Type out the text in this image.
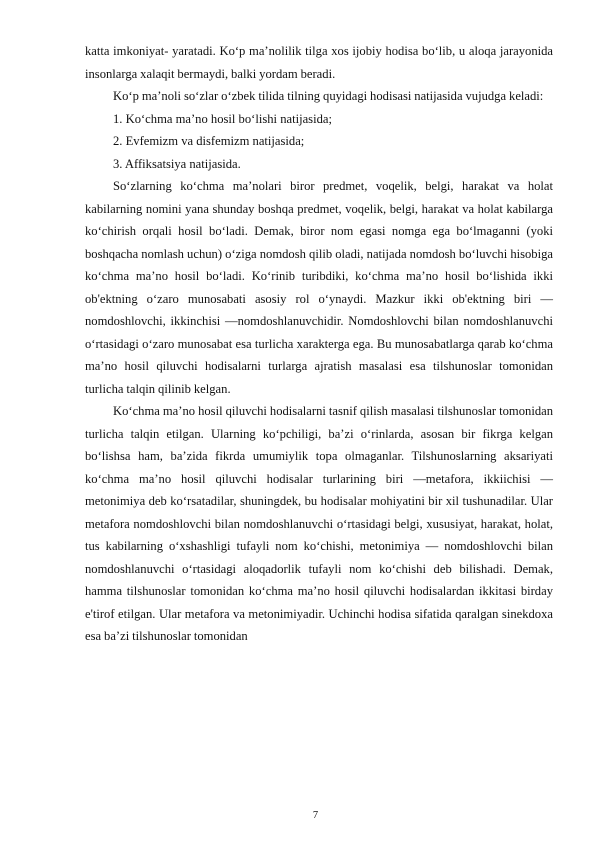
katta imkoniyat- yaratadi. Ko‘p ma’nolilik tilga xos ijobiy hodisa bo‘lib, u aloqa jarayonida insonlarga xalaqit bermaydi, balki yordam beradi.

Ko‘p ma’noli so‘zlar o‘zbek tilida tilning quyidagi hodisasi natijasida vujudga keladi:

1. Ko‘chma ma’no hosil bo‘lishi natijasida;

2. Evfemizm va disfemizm natijasida;

3. Affiksatsiya natijasida.

So‘zlarning ko‘chma ma’nolari biror predmet, voqelik, belgi, harakat va holat kabilarning nomini yana shunday boshqa predmet, voqelik, belgi, harakat va holat kabilarga ko‘chirish orqali hosil bo‘ladi. Demak, biror nom egasi nomga ega bo‘lmaganni (yoki boshqacha nomlash uchun) o‘ziga nomdosh qilib oladi, natijada nomdosh bo‘luvchi hisobiga ko‘chma ma’no hosil bo‘ladi. Ko‘rinib turibdiki, ko‘chma ma’no hosil bo‘lishida ikki ob'ektning o‘zaro munosabati asosiy rol o‘ynaydi. Mazkur ikki ob'ektning biri —nomdoshlovchi, ikkinchisi —nomdoshlanuvchidir. Nomdoshlovchi bilan nomdoshlanuvchi o‘rtasidagi o‘zaro munosabat esa turlicha xarakterga ega. Bu munosabatlarga qarab ko‘chma ma’no hosil qiluvchi hodisalarni turlarga ajratish masalasi esa tilshunoslar tomonidan turlicha talqin qilinib kelgan.

Ko‘chma ma’no hosil qiluvchi hodisalarni tasnif qilish masalasi tilshunoslar tomonidan turlicha talqin etilgan. Ularning ko‘pchiligi, ba’zi o‘rinlarda, asosan bir fikrga kelgan bo‘lishsa ham, ba’zida fikrda umumiylik topa olmaganlar. Tilshunoslarning aksariyati ko‘chma ma’no hosil qiluvchi hodisalar turlarining biri —metafora, ikkiichisi — metonimiya deb ko‘rsatadilar, shuningdek, bu hodisalar mohiyatini bir xil tushunadilar. Ular metafora nomdoshlovchi bilan nomdoshlanuvchi o‘rtasidagi belgi, xususiyat, harakat, holat, tus kabilarning o‘xshashligi tufayli nom ko‘chishi, metonimiya — nomdoshlovchi bilan nomdoshlanuvchi o‘rtasidagi aloqadorlik tufayli nom ko‘chishi deb bilishadi. Demak, hamma tilshunoslar tomonidan ko‘chma ma’no hosil qiluvchi hodisalardan ikkitasi birday e'tirof etilgan. Ular metafora va metonimiyadir. Uchinchi hodisa sifatida qaralgan sinekdoxa esa ba’zi tilshunoslar tomonidan

7
